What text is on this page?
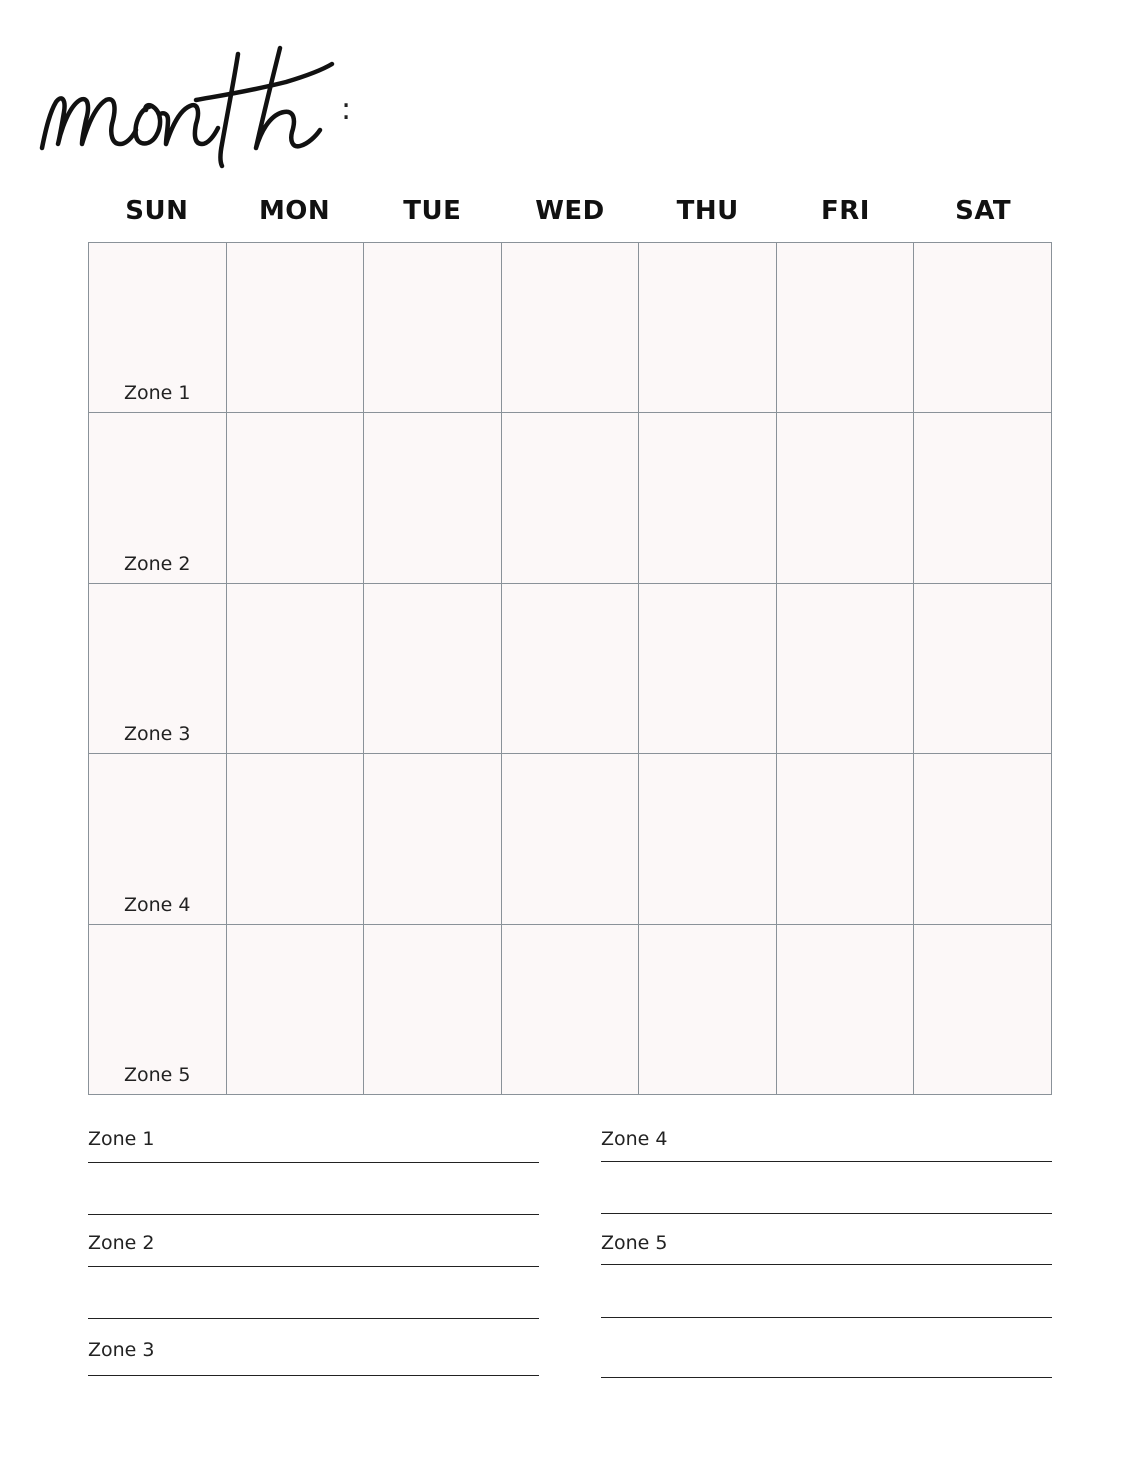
:
SUN	MON	TUE	WED	THU	FRI	SAT
Zone 1
Zone 2
Zone 3
Zone 4
Zone 5
Zone 1
Zone 2
Zone 3
Zone 4
Zone 5
